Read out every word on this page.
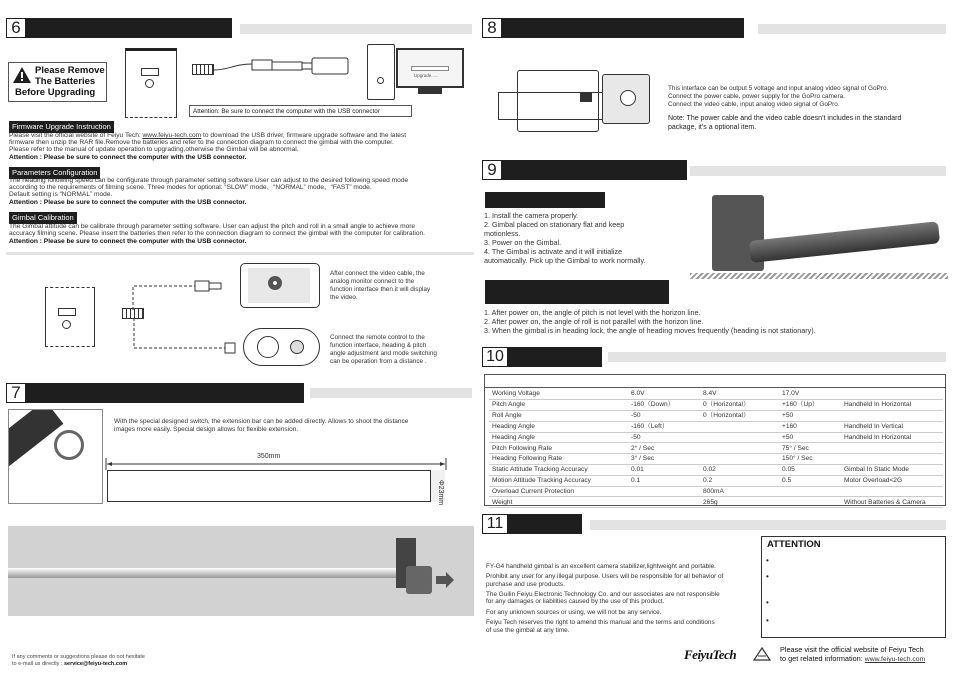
6
Please Remove
The Batteries
Before Upgrading
Upgrade......
Attention: Be sure to connect the computer with the USB connector
Firmware Upgrade Instruction
Please visit the official website of Feiyu Tech: www.feiyu-tech.com to download the USB driver, firmware upgrade software and the latest
firmware then unzip the RAR file.Remove the batteries and refer to the connection diagram to connect the gimbal with the computer.
Please refer to the manual of update operation to upgrading,otherwise the Gimbal will be abnormal.
Attention : Please be sure to connect the computer with the USB connector.
Parameters Configuration
The heading following speed can be configurate through parameter setting software.User can adjust to the desired following speed mode
according to the requirements of filming scene. Three modes for optional: “SLOW” mode、“NORMAL” mode、“FAST” mode.
Default setting is “NORMAL” mode.
Attention : Please be sure to connect the computer with the USB connector.
Gimbal Calibration
The Gimbal attitude can be calibrate through parameter setting software. User can adjust the pitch and roll in a small angle to achieve more
accuracy filming scene. Please insert the batteries then refer to the connection diagram to connect the gimbal with the computer for calibration.
Attention : Please be sure to connect the computer with the USB connector.
After connect the video cable, the
analog monitor connect to the
function interface then it will display
the video.
Connect the remote control to the
function interface, heading & pitch
angle adjustment and mode switching
can be operation from a distance .
7
With the special designed switch, the extension bar can be added directly. Allows to shoot the distance
images more easily. Special design allows for flexible extension.
350mm
Φ23mm
If any comments or suggestions please do not hesitate
to e-mail us directly : service@feiyu-tech.com
8
This interface can be output 5 voltage and input analog video signal of GoPro.
Connect the power cable, power supply for the GoPro camera.
Connect the video cable, input analog video signal of GoPro.
Note: The power cable and the video cable doesn’t includes in the standard
package, it’s a optional item.
9
1. Install the camera properly.
2. Gimbal placed on stationary flat and keep
motionless.
3. Power on the Gimbal.
4. The Gimbal is activate and it will initialize
automatically. Pick up the Gimbal to work normally.
1. After power on, the angle of pitch is not level with the horizon line.
2. After power on, the angle of roll is not parallel with the horizon line.
3. When the gimbal is in heading lock, the angle of heading moves frequently (heading is not stationary).
10
Working Voltage	6.0V	8.4V	17.0V	
Pitch Angle	-160（Down）	0（Horizontal）	+160（Up）	Handheld In Horizontal
Roll Angle	-50	0（Horizontal）	+50	
Heading Angle	-160（Left）		+160	Handheld In Vertical
Heading Angle	-50		+50	Handheld In Horizontal
Pitch Following Rate	2° / Sec		75° / Sec	
Heading Following Rate	3° / Sec		150° / Sec	
Static Attitude Tracking Accuracy	0.01	0.02	0.05	Gimbal In Static Mode
Motion Attitude Tracking Accuracy	0.1	0.2	0.5	Motor Overload<2G
Overload Current Protection		800mA		
Weight		265g		Without Batteries & Camera
11
FY-G4 handheld gimbal is an excellent camera stabilizer,lightweight and portable.
Prohibit any user for any illegal purpose. Users will be responsible for all behavior of
purchase and use products.
The Guilin Feiyu Electronic Technology Co. and our associates are not responsible
for any damages or liabilities caused by the use of this product.
For any unknown sources or using, we will not be any service.
Feiyu Tech reserves the right to amend this manual and the terms and conditions
of use the gimbal at any time.
ATTENTION
•
•
•
•
FeiyuTech	Please visit the official website of Feiyu Tech
to get related information: www.feiyu-tech.com
